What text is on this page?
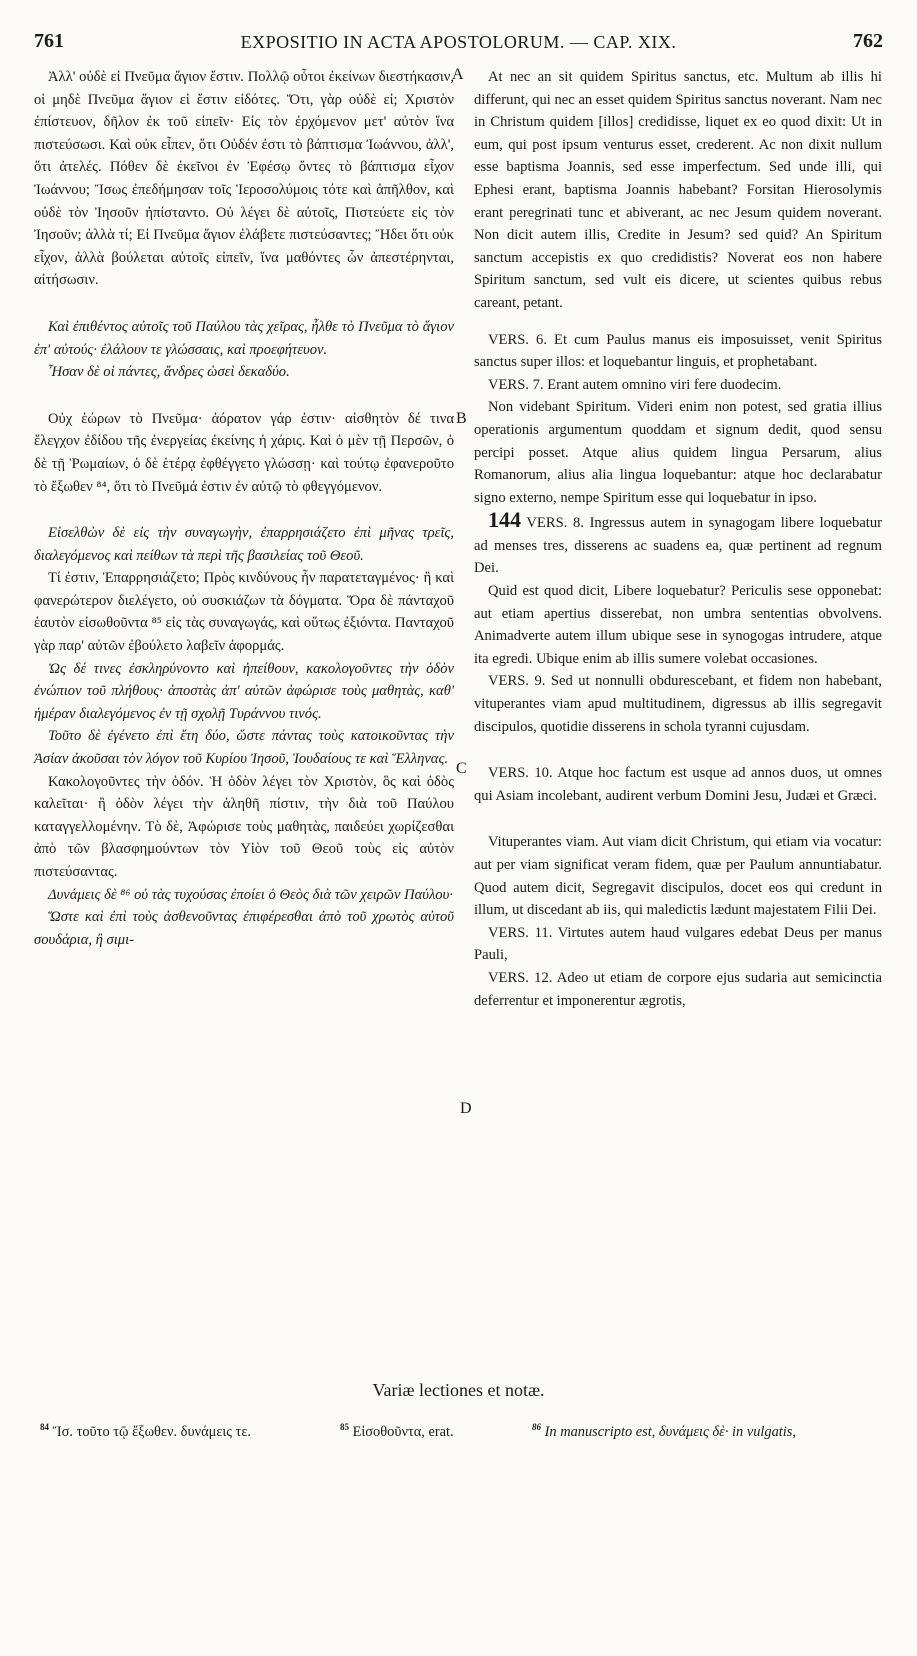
761	EXPOSITIO IN ACTA APOSTOLORUM. — CAP. XIX.	762
A
B
C
D

Ἀλλ' οὐδὲ εἰ Πνεῦμα ἅγιον ἔστιν. Πολλῷ οὗτοι ἐκείνων διεστήκασιν, οἱ μηδὲ Πνεῦμα ἅγιον εἰ ἔστιν εἰδότες. Ὅτι, γὰρ οὐδὲ εἰ; Χριστὸν ἐπίστευον, δῆλον ἐκ τοῦ εἰπεῖν· Εἰς τὸν ἐρχόμενον μετ' αὐτὸν ἵνα πιστεύσωσι. Καὶ οὐκ εἶπεν, ὅτι Οὐδέν ἐστι τὸ βάπτισμα Ἰωάννου, ἀλλ', ὅτι ἀτελές. Πόθεν δὲ ἐκεῖνοι ἐν Ἐφέσῳ ὄντες τὸ βάπτισμα εἶχον Ἰωάννου; Ἴσως ἐπεδήμησαν τοῖς Ἱεροσολύμοις τότε καὶ ἀπῆλθον, καὶ οὐδὲ τὸν Ἰησοῦν ἠπίσταντο. Οὐ λέγει δὲ αὐτοῖς, Πιστεύετε εἰς τὸν Ἰησοῦν; ἀλλὰ τί; Εἰ Πνεῦμα ἅγιον ἐλάβετε πιστεύσαντες; Ἤδει ὅτι οὐκ εἶχον, ἀλλὰ βούλεται αὐτοῖς εἰπεῖν, ἵνα μαθόντες ὧν ἀπεστέρηνται, αἰτήσωσιν.

Καὶ ἐπιθέντος αὐτοῖς τοῦ Παύλου τὰς χεῖρας, ἦλθε τὸ Πνεῦμα τὸ ἅγιον ἐπ' αὐτούς· ἐλάλουν τε γλώσσαις, καὶ προεφήτευον.

Ἦσαν δὲ οἱ πάντες, ἄνδρες ὡσεὶ δεκαδύο.

Οὐχ ἑώρων τὸ Πνεῦμα· ἀόρατον γάρ ἐστιν· αἰσθητὸν δέ τινα ἔλεγχον ἐδίδου τῆς ἐνεργείας ἐκείνης ἡ χάρις. Καὶ ὁ μὲν τῇ Περσῶν, ὁ δὲ τῇ Ῥωμαίων, ὁ δὲ ἑτέρᾳ ἐφθέγγετο γλώσσῃ· καὶ τούτῳ ἐφανεροῦτο τὸ ἔξωθεν ⁸⁴, ὅτι τὸ Πνεῦμά ἐστιν ἐν αὐτῷ τὸ φθεγγόμενον.

Εἰσελθὼν δὲ εἰς τὴν συναγωγὴν, ἐπαρρησιάζετο ἐπὶ μῆνας τρεῖς, διαλεγόμενος καὶ πείθων τὰ περὶ τῆς βασιλείας τοῦ Θεοῦ.

Τί ἐστιν, Ἐπαρρησιάζετο; Πρὸς κινδύνους ἦν παρατεταγμένος· ἢ καὶ φανερώτερον διελέγετο, οὐ συσκιάζων τὰ δόγματα. Ὅρα δὲ πάνταχοῦ ἑαυτὸν εἰσωθοῦντα ⁸⁵ εἰς τὰς συναγωγάς, καὶ οὕτως ἐξιόντα. Πανταχοῦ γὰρ παρ' αὐτῶν ἐβούλετο λαβεῖν ἀφορμάς.

Ὡς δέ τινες ἐσκληρύνοντο καὶ ἠπείθουν, κακολογοῦντες τὴν ὁδὸν ἐνώπιον τοῦ πλήθους· ἀποστὰς ἀπ' αὐτῶν ἀφώρισε τοὺς μαθητὰς, καθ' ἡμέραν διαλεγόμενος ἐν τῇ σχολῇ Τυράννου τινός.

Τοῦτο δὲ ἐγένετο ἐπὶ ἔτη δύο, ὥστε πάντας τοὺς κατοικοῦντας τὴν Ἀσίαν ἀκοῦσαι τὸν λόγον τοῦ Κυρίου Ἰησοῦ, Ἰουδαίους τε καὶ Ἕλληνας.

Κακολογοῦντες τὴν ὁδόν. Ἡ ὁδὸν λέγει τὸν Χριστὸν, ὃς καὶ ὁδὸς καλεῖται· ἢ ὁδὸν λέγει τὴν ἀληθῆ πίστιν, τὴν διὰ τοῦ Παύλου καταγγελλομένην. Τὸ δὲ, Ἀφώρισε τοὺς μαθητὰς, παιδεύει χωρίζεσθαι ἀπὸ τῶν βλασφημούντων τὸν Υἱὸν τοῦ Θεοῦ τοὺς εἰς αὐτὸν πιστεύσαντας.

Δυνάμεις δὲ ⁸⁶ οὐ τὰς τυχούσας ἐποίει ὁ Θεὸς διὰ τῶν χειρῶν Παύλου·

Ὥστε καὶ ἐπὶ τοὺς ἀσθενοῦντας ἐπιφέρεσθαι ἀπὸ τοῦ χρωτὸς αὐτοῦ σουδάρια, ἢ σιμι-

At nec an sit quidem Spiritus sanctus, etc. Multum ab illis hi differunt, qui nec an esset quidem Spiritus sanctus noverant. Nam nec in Christum quidem [illos] credidisse, liquet ex eo quod dixit: Ut in eum, qui post ipsum venturus esset, crederent. Ac non dixit nullum esse baptisma Joannis, sed esse imperfectum. Sed unde illi, qui Ephesi erant, baptisma Joannis habebant? Forsitan Hierosolymis erant peregrinati tunc et abiverant, ac nec Jesum quidem noverant. Non dicit autem illis, Credite in Jesum? sed quid? An Spiritum sanctum accepistis ex quo credidistis? Noverat eos non habere Spiritum sanctum, sed vult eis dicere, ut scientes quibus rebus careant, petant.

VERS. 6. Et cum Paulus manus eis imposuisset, venit Spiritus sanctus super illos: et loquebantur linguis, et prophetabant.

VERS. 7. Erant autem omnino viri fere duodecim.

Non videbant Spiritum. Videri enim non potest, sed gratia illius operationis argumentum quoddam et signum dedit, quod sensu percipi posset. Atque alius quidem lingua Persarum, alius Romanorum, alius alia lingua loquebantur: atque hoc declarabatur signo externo, nempe Spiritum esse qui loquebatur in ipso.

144 VERS. 8. Ingressus autem in synagogam libere loquebatur ad menses tres, disserens ac suadens ea, quæ pertinent ad regnum Dei.

Quid est quod dicit, Libere loquebatur? Periculis sese opponebat: aut etiam apertius disserebat, non umbra sententias obvolvens. Animadverte autem illum ubique sese in synogogas intrudere, atque ita egredi. Ubique enim ab illis sumere volebat occasiones.

VERS. 9. Sed ut nonnulli obdurescebant, et fidem non habebant, vituperantes viam apud multitudinem, digressus ab illis segregavit discipulos, quotidie disserens in schola tyranni cujusdam.

VERS. 10. Atque hoc factum est usque ad annos duos, ut omnes qui Asiam incolebant, audirent verbum Domini Jesu, Judæi et Græci.

Vituperantes viam. Aut viam dicit Christum, qui etiam via vocatur: aut per viam significat veram fidem, quæ per Paulum annuntiabatur. Quod autem dicit, Segregavit discipulos, docet eos qui credunt in illum, ut discedant ab iis, qui maledictis lædunt majestatem Filii Dei.

VERS. 11. Virtutes autem haud vulgares edebat Deus per manus Pauli,

VERS. 12. Adeo ut etiam de corpore ejus sudaria aut semicinctia deferrentur et imponerentur ægrotis,

Variæ lectiones et notæ.
$^{84}$ Ἴσ. τοῦτο τῷ ἔξωθεν. δυνάμεις τε.	$^{85}$ Εἰσοθοῦντα, erat.	$^{86}$ In manuscripto est, δυνάμεις δὲ· in vulgatis,
